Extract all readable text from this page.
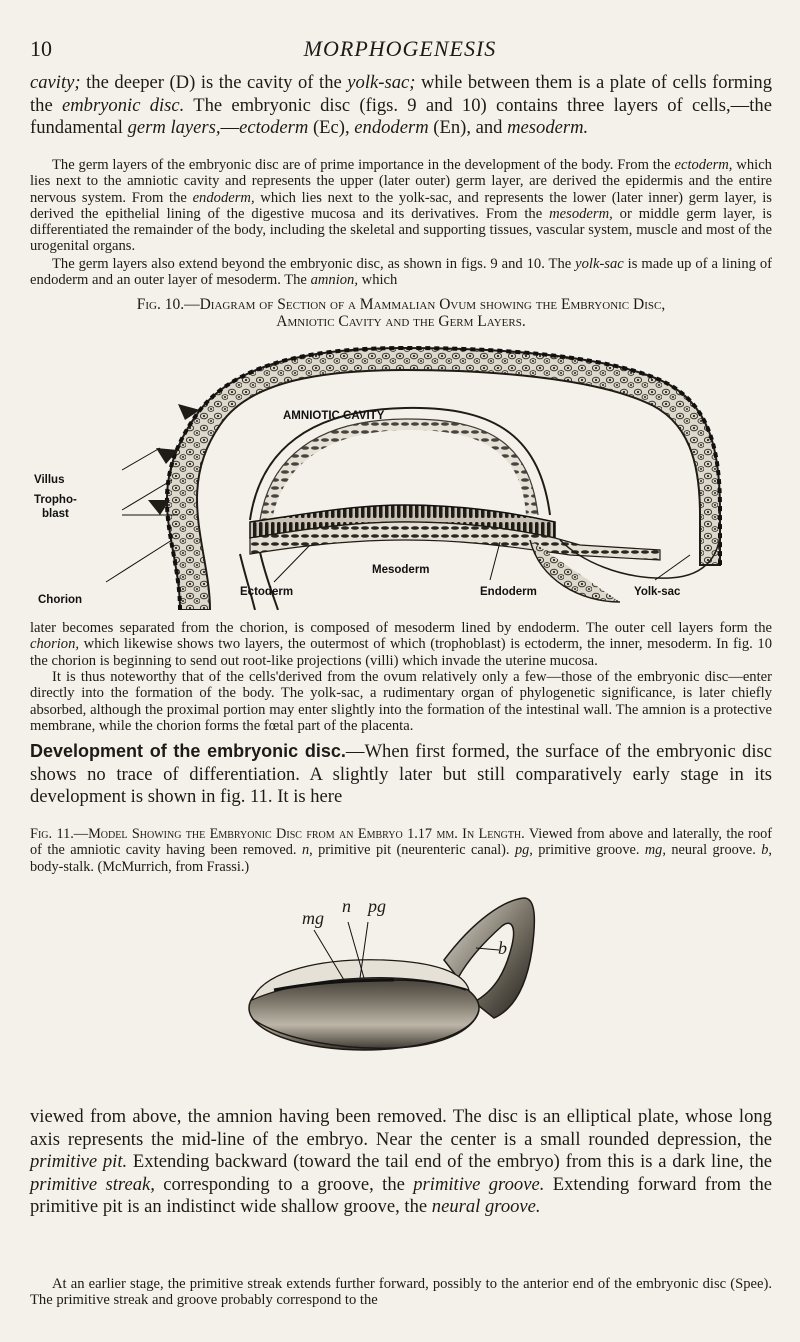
10	MORPHOGENESIS

cavity; the deeper (D) is the cavity of the yolk-sac; while between them is a plate of cells forming the embryonic disc. The embryonic disc (figs. 9 and 10) contains three layers of cells,—the fundamental germ layers,—ectoderm (Ec), endoderm (En), and mesoderm.

The germ layers of the embryonic disc are of prime importance in the development of the body. From the ectoderm, which lies next to the amniotic cavity and represents the upper (later outer) germ layer, are derived the epidermis and the entire nervous system. From the endoderm, which lies next to the yolk-sac, and represents the lower (later inner) germ layer, is derived the epithelial lining of the digestive mucosa and its derivatives. From the mesoderm, or middle germ layer, is differentiated the remainder of the body, including the skeletal and supporting tissues, vascular system, muscle and most of the urogenital organs.

The germ layers also extend beyond the embryonic disc, as shown in figs. 9 and 10. The yolk-sac is made up of a lining of endoderm and an outer layer of mesoderm. The amnion, which

Fig. 10.—Diagram of Section of a Mammalian Ovum showing the Embryonic Disc,
Amniotic Cavity and the Germ Layers.
AMNIOTIC CAVITY
Villus
Tropho-
blast
Chorion
Ectoderm
Mesoderm
Endoderm	Yolk-sac

later becomes separated from the chorion, is composed of mesoderm lined by endoderm. The outer cell layers form the chorion, which likewise shows two layers, the outermost of which (trophoblast) is ectoderm, the inner, mesoderm. In fig. 10 the chorion is beginning to send out root-like projections (villi) which invade the uterine mucosa.

It is thus noteworthy that of the cells'derived from the ovum relatively only a few—those of the embryonic disc—enter directly into the formation of the body. The yolk-sac, a rudimentary organ of phylogenetic significance, is later chiefly absorbed, although the proximal portion may enter slightly into the formation of the intestinal wall. The amnion is a protective membrane, while the chorion forms the fœtal part of the placenta.

Development of the embryonic disc.—When first formed, the surface of the embryonic disc shows no trace of differentiation. A slightly later but still comparatively early stage in its development is shown in fig. 11. It is here

Fig. 11.—Model Showing the Embryonic Disc from an Embryo 1.17 mm. In Length. Viewed from above and laterally, the roof of the amniotic cavity having been removed. n, primitive pit (neurenteric canal). pg, primitive groove. mg, neural groove. b, body-stalk. (McMurrich, from Frassi.)

n pg
mg
b

viewed from above, the amnion having been removed. The disc is an elliptical plate, whose long axis represents the mid-line of the embryo. Near the center is a small rounded depression, the primitive pit. Extending backward (toward the tail end of the embryo) from this is a dark line, the primitive streak, corresponding to a groove, the primitive groove. Extending forward from the primitive pit is an indistinct wide shallow groove, the neural groove.

At an earlier stage, the primitive streak extends further forward, possibly to the anterior end of the embryonic disc (Spee). The primitive streak and groove probably correspond to the
